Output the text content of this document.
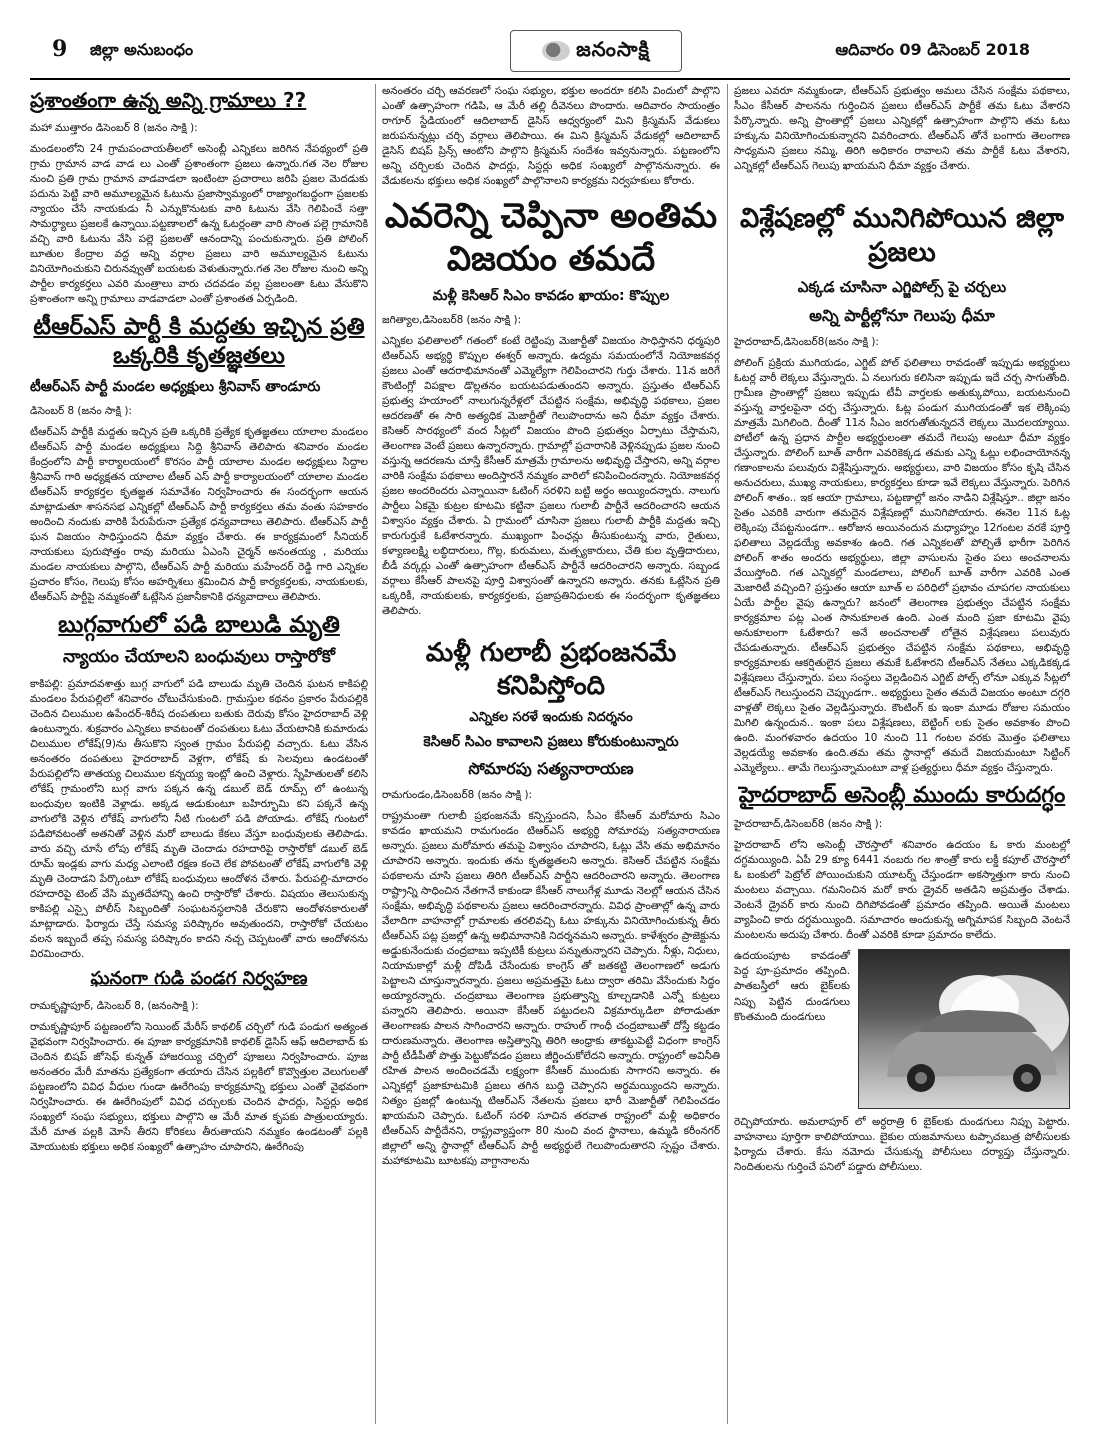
9 జిల్లా అనుబంధం	జనంసాక్షి	ఆదివారం 09 డిసెంబర్ 2018
ప్రశాంతంగా ఉన్న అన్ని గ్రామాలు ??

మహా ముత్తారం డిసెంబర్ 8 (జనం సాక్షి ):

మండలంలోని 24 గ్రామపంచాయతీలలో అసెంబ్లీ ఎన్నికలు జరిగిన నేపథ్యంలో ప్రతి గ్రామ గ్రామాన వాడ వాడ లు ఎంతో ప్రశాంతంగా ప్రజలు ఉన్నారు.గత నెల రోజుల నుంచి ప్రతి గ్రామ గ్రామాన వాడవాడలా ఇంటింటా ప్రచారాలు జరిపి ప్రజల మెదడుకు పదును పెట్టి వారి అమూల్యమైన ఓటును ప్రజాస్వామ్యంలో రాజ్యాంగబద్ధంగా ప్రజలకు న్యాయం చేసే నాయకుడు నీ ఎన్నుకొనుటకు వారి ఓటును వేసి గెలిపించే సత్తా సామర్థ్యాలు ప్రజలకే ఉన్నాయి.పట్టణాలలో ఉన్న ఓటర్లంతా వారి సొంత పల్లె గ్రామానికి వచ్చి వారి ఓటును వేసి పల్లె ప్రజలతో ఆనందాన్ని పంచుకున్నారు. ప్రతి పోలింగ్ బూతుల కేంద్రాల వద్ద అన్ని వర్గాల ప్రజలు వారి అమూల్యమైన ఓటును వినియోగించుకుని చిరునవ్వుతో బయటకు వెళుతున్నారు.గత నెల రోజుల నుంచి అన్ని పార్టీల కార్యకర్తలు ఎవరి మంత్రాలు వారు చదవడం వల్ల ప్రజలంతా ఓటు వేసుకొని ప్రశాంతంగా అన్ని గ్రామాలు వాడవాడలా ఎంతో ప్రశాంతత ఏర్పడింది.

టీఆర్ఎస్ పార్టీ కి మద్దతు ఇచ్చిన ప్రతి ఒక్కరికి కృతజ్ఞతలు

టీఆర్ఎస్ పార్టీ మండల అధ్యక్షులు శ్రీనివాస్ తాండూరు

డిసెంబర్ 8 (జనం సాక్షి ):

టీఆర్ఎస్ పార్టీకి మద్దతు ఇచ్చిన ప్రతి ఒక్కరికి ప్రత్యేక కృతజ్ఞతలు యాలాల మండలం టీఆర్ఎస్ పార్టీ మండల అధ్యక్షులు సిద్ది శ్రీనివాస్ తెలిపారు శనివారం మండల కేంద్రంలోని పార్టీ కార్యాలయంలో కొరసం పార్టీ యాలాల మండల అధ్యక్షులు సిద్దాల శ్రీనివాస్ గారి అధ్యక్షతన యాలాల టీఆర్ ఎస్ పార్టీ కార్యాలయంలో యాలాల మండల టీఆర్ఎస్ కార్యకర్తల కృతజ్ఞత సమావేశం నిర్వహించారు ఈ సందర్భంగా ఆయన మాట్లాడుతూ శాసనసభ ఎన్నికల్లో టీఆర్ఎస్ పార్టీ కార్యకర్తలు తమ వంతు సహకారం అందించి నందుకు వారికి పేరుపేరునా ప్రత్యేక ధన్యవాదాలు తెలిపారు. టీఆర్ఎస్ పార్టీ ఘన విజయం సాధిస్తుందని ధీమా వ్యక్తం చేశారు. ఈ కార్యక్రమంలో సీనియర్ నాయకులు పురుషోత్తం రావు మరియు ఏఎంసి చైర్మన్ అనంతయ్య , మరియు మండల నాయకులు పాల్గొని, టీఆర్ఎస్ పార్టీ మరియు మహేందర్ రెడ్డి గారి ఎన్నికల ప్రచారం కోసం, గెలుపు కోసం అహర్నిశలు శ్రమించిన పార్టీ కార్యకర్తలకు, నాయకులకు, టీఆర్ఎస్ పార్టీపై నమ్మకంతో ఓట్లేసిన ప్రజానీకానికి ధన్యవాదాలు తెలిపారు.

బుగ్గవాగులో పడి బాలుడి మృతి

న్యాయం చేయాలని బంధువులు రాస్తారోకో

కాకిపల్లి: ప్రమాదవశాత్తు బుగ్గ వాగులో పడి బాలుడు మృతి చెందిన ఘటన కాకిపల్లి మండలం పేరుపల్లిలో శనివారం చోటుచేసుకుంది. గ్రామస్తుల కథనం ప్రకారం పేరుపల్లికి చెందిన చిలుముల ఉపేందర్-శిరీష దంపతులు బతుకు దెరువు కోసం హైదరాబాద్ వెళ్లి ఉంటున్నారు. శుక్రవారం ఎన్నికలు కావటంతో దంపతులు ఓటు వేయటానికి కుమారుడు చిలుముల లోకేష్(9)ను తీసుకొని స్వంత గ్రామం పేరుపల్లి వచ్చారు. ఓటు వేసిన అనంతరం దంపతులు హైదరాబాద్ వెళ్లగా, లోకేష్ కు సెలవులు ఉండటంతో పేరుపల్లిలోని తాతయ్య చిలుముల కన్నయ్య ఇంట్లో ఉంచి వెళ్లారు. స్నేహితులతో కలిసి లోకేష్ గ్రామంలోని బుగ్గ వాగు పక్కన ఉన్న డబుల్ బెడ్ రూమ్స్ లో ఉంటున్న బంధువుల ఇంటికి వెళ్లాడు. అక్కడ ఆడుకుంటూ బహిర్భూమి కని పక్కనే ఉన్న వాగులోకి వెళ్లిన లోకేష్ వాగులోని నీటి గుంటలో పడి పోయాడు. లోకేష్ గుంటలో పడిపోవటంతో అతనితో వెళ్లిన మరో బాలుడు కేకలు వేస్తూ బంధువులకు తెలిపాడు. వారు వచ్చి చూసే లోపు లోకేష్ మృతి చెందాడు రహదారిపై రాస్తారోకో డబుల్ బెడ్ రూమ్ ఇండ్లకు వాగు మధ్య ఎలాంటి రక్షణ కంచె లేక పోవటంతో లోకేష్ వాగులోకి వెళ్లి మృతి చెందాడని పేర్కొంటూ లోకేష్ బంధువులు ఆందోళన చేశారు. పేరుపల్లి-మాదారం రహదారిపై టెంట్ వేసి మృతదేహాన్ని ఉంచి రాస్తారోకో చేశారు. విషయం తెలుసుకున్న కాకిపల్లి ఎస్సై పోలీస్ సిబ్బందితో సంఘటనస్థలానికి చేరుకొని ఆందోళనకారులతో మాట్లాడారు. ఫిర్యాదు చేస్తే సమస్య పరిష్కారం అవుతుందని, రాస్తారోకో చేయటం వలన ఇబ్బందే తప్ప సమస్య పరిష్కారం కాదని నచ్చ చెప్పటంతో వారు ఆందోళనను విరమించారు.

ఘనంగా గుడి పండగ నిర్వహణ

రామకృష్ణాపూర్, డిసెంబర్ 8, (జనంసాక్షి ):

రామకృష్ణాపూర్ పట్టణంలోని సెయింట్ మేరీస్ కాథలిక్ చర్చిలో గుడి పండుగ అత్యంత వైభవంగా నిర్వహించారు. ఈ పూజా కార్యక్రమానికి కాథలిక్ డైసిస్ ఆఫ్ ఆదిలాబాద్ కు చెందిన బిషప్ జోసెఫ్ కున్నత్ హాజరయ్యి చర్చిలో పూజలు నిర్వహించారు. పూజ అనంతరం మేరీ మాతను ప్రత్యేకంగా తయారు చేసిన పల్లకిలో కొవ్వొత్తుల వెలుగులతో పట్టణంలోని వివిధ వీధుల గుండా ఊరేగింపు కార్యక్రమాన్ని భక్తులు ఎంతో వైభవంగా నిర్వహించారు. ఈ ఊరేగింపులో వివిధ చర్చులకు చెందిన ఫాదర్లు, సిస్టర్లు అధిక సంఖ్యలో సంఘ సభ్యులు, భక్తులు పాల్గొని ఆ మేరీ మాత కృపకు పాత్రులయ్యారు. మేరీ మాత పల్లకి మోసే తీరని కోరికలు తీరుతాయని నమ్మకం ఉండటంతో పల్లకి మోయుటకు భక్తులు అధిక సంఖ్యలో ఉత్సాహం చూపారని, ఊరేగింపు

అనంతరం చర్చి ఆవరణలో సంఘ సభ్యుల, భక్తుల అందరూ కలిసి విందులో పాల్గొని ఎంతో ఉత్సాహంగా గడిపి, ఆ మేరీ తల్లి దీవెనలు పొందారు. ఆదివారం సాయంత్రం రాగూర్ స్టేడియంలో ఆదిలాబాద్ డైసిస్ ఆధ్వర్యంలో మిని క్రిస్మమస్ వేడుకలు జరుపనున్నట్లు చర్చి వర్గాలు తెలిపాయి. ఈ మిని క్రిస్మమస్ వేడుకల్లో ఆదిలాబాద్ డైసిస్ బిషప్ ప్రిన్స్ ఆంటోని పాల్గొని క్రిస్మమస్ సందేశం ఇవ్వనున్నారు. పట్టణంలోని అన్ని చర్చిలకు చెందిన ఫాదర్లు, సిస్టర్లు అధిక సంఖ్యలో పాల్గొననున్నారు. ఈ వేడుకలను భక్తులు అధిక సంఖ్యలో పాల్గొనాలని కార్యక్రమ నిర్వహకులు కోరారు.

ఎవరెన్ని చెప్పినా అంతిమ విజయం తమదే

మళ్లీ కెసిఆర్ సిఎం కావడం ఖాయం: కొప్పుల

జగిత్యాల,డిసెంబర్8 (జనం సాక్షి ):

ఎన్నికల ఫలితాలలో గతంలో కంటే రెట్టింపు మెజార్టీతో విజయం సాధిస్తానని ధర్మపురి టిఆర్ఎస్ అభ్యర్థి కొప్పుల ఈశ్వర్ అన్నారు. ఉద్యమ సమయంలోనే నియోజకవర్గ ప్రజలు ఎంతో ఆదరాభిమానంతో ఎమ్మెల్యేగా గెలిపించారని గుర్తు చేశారు. 11న జరిగే కౌంటింగ్లో విపక్షాల డొల్లతనం బయటపడుతుందని అన్నారు. ప్రస్తుతం టిఆర్ఎస్ ప్రభుత్వ హయాంలో నాలుగున్నరేళ్లలో చేపట్టిన సంక్షేమ, అభివృద్ధి పథకాలు, ప్రజల ఆదరణతో ఈ సారి అత్యధిక మెజార్టీతో గెలుపొందాను అని ధీమా వ్యక్తం చేశారు. కెసిఆర్ సారథ్యంలో వంద సీట్లలో విజయం పొంది ప్రభుత్వం ఏర్పాటు చేస్తామని, తెలంగాణ వెంటే ప్రజలు ఉన్నారన్నారు. గ్రామాల్లో ప్రచారానికి వెళ్లినప్పుడు ప్రజల నుంచి వస్తున్న ఆదరణను చూస్తే కేసీఆర్ మాత్రమే గ్రామాలను అభివృద్ధి చేస్తారని, అన్ని వర్గాల వారికి సంక్షేమ పథకాలు అందిస్తారనే నమ్మకం వారిలో కనిపించిందన్నారు. నియోజకవర్గ ప్రజల అందరిందరు ఎన్నాయినా ఓటింగ్ సరళిని బట్టి అర్థం అయ్యిందన్నారు. నాలుగు పార్టీలు ఏకమై కుట్రల కూటమి కట్టినా ప్రజలు గులాబీ పార్టీనే ఆదరించారని ఆయన విశ్వాసం వ్యక్తం చేశారు. ఏ గ్రామంలో చూసినా ప్రజలు గులాబీ పార్టీకి మద్దతు ఇచ్చి కారుగుర్తుకే ఓటేశారన్నారు. ముఖ్యంగా పింఛన్లు తీసుకుంటున్న వారు, రైతులు, కళ్యాణలక్ష్మి లబ్ధిదారులు, గొల్ల, కురుమలు, మత్స్యకారులు, చేతి కుల వృత్తిదారులు, బీడీ వర్కర్లు ఎంతో ఉత్సాహంగా టీఆర్ఎస్ పార్టీనే ఆదరించారని అన్నారు. సబ్బండ వర్గాలు కేసీఆర్ పాలనపై పూర్తి విశ్వాసంతో ఉన్నారని అన్నారు. తనకు ఓట్లేసిన ప్రతి ఒక్కరికీ, నాయకులకు, కార్యకర్తలకు, ప్రజాప్రతినిధులకు ఈ సందర్భంగా కృతజ్ఞతలు తెలిపారు.

మళ్లీ గులాబీ ప్రభంజనమే కనిపిస్తోంది

ఎన్నికల సరళే ఇందుకు నిదర్శనం

కెసిఆర్ సిఎం కావాలని ప్రజలు కోరుకుంటున్నారు

సోమారపు సత్యనారాయణ

రామగుండం,డిసెంబర్8 (జనం సాక్షి ):

రాష్ట్రమంతా గులాబీ ప్రభంజనమే కన్పిస్తుందని, సీఎం కేసీఆర్ మరోమారు సిఎం కావడం ఖాయమని రామగుండం టిఆర్ఎస్ అభ్యర్థి సోమారపు సత్యనారాయణ అన్నారు. ప్రజలు మరోమారు తమపై విశ్వాసం చూపారని, ఓట్లు వేసి తమ అభిమానం చూపారని అన్నారు. ఇందుకు తను కృతజ్ఞతలని అన్నారు. కెసిఆర్ చేపట్టిన సంక్షేమ పథకాలను చూసి ప్రజలు తిరిగి టీఆర్ఎస్ పార్టీని ఆదరించారని అన్నారు. తెలంగాణ రాష్ట్రాన్ని సాధించిన నేతగానే కాకుండా కేసీఆర్ నాలుగేళ్ల మూడు నెలల్లో ఆయన చేసిన సంక్షేమ, అభివృద్ధి పథకాలను ప్రజలు ఆదరించారన్నారు. వివిధ ప్రాంతాల్లో ఉన్న వారు వేలాదిగా వాహనాల్లో గ్రామాలకు తరలివచ్చి ఓటు హక్కును వినియోగించుకున్న తీరు టీఆర్ఎస్ పట్ల ప్రజల్లో ఉన్న అభిమానానికి నిదర్శనమని అన్నారు. కాళేశ్వరం ప్రాజెక్టును అడ్డుకునేందుకు చంద్రబాబు ఇప్పటికీ కుట్రలు పన్నుతున్నారని చెప్పారు. నీళ్లు, నిధులు, నియామకాల్లో మళ్లీ దోపిడీ చేసేందుకు కాంగ్రెస్ తో జతకట్టి తెలంగాణలో అడుగు పెట్టాలని చూస్తున్నారన్నారు. ప్రజలు అప్రమత్తమై ఓటు ద్వారా తరిమి వేసేందుకు సిద్ధం అయ్యారన్నారు. చంద్రబాబు తెలంగాణ ప్రభుత్వాన్ని కూల్చడానికి ఎన్నో కుట్రలు పన్నారని తెలిపారు. అయినా కేసీఆర్ పట్టుదలని విక్రమార్కుడిలా పోరాడుతూ తెలంగాణకు పాలన సాగించారని అన్నారు. రాహుల్ గాంధీ చంద్రబాబుతో దోస్తీ కట్టడం దారుణమన్నారు. తెలంగాణ అస్తిత్వాన్ని తిరిగి ఆంధ్రాకు తాకట్టుపెట్టే విధంగా కాంగ్రెస్ పార్టీ టీడీపీతో పొత్తు పెట్టుకోవడం ప్రజలు జీర్ణించుకోలేదని అన్నారు. రాష్ట్రంలో అవినీతి రహిత పాలన అందించడమే లక్ష్యంగా కేసీఆర్ ముందుకు సాగారని అన్నారు. ఈ ఎన్నికల్లో ప్రజాకూటమికి ప్రజలు తగిన బుద్ధి చెప్పారని అర్థమయ్యిందని అన్నారు. నిత్యం ప్రజల్లో ఉంటున్న టిఆర్ఎస్ నేతలను ప్రజలు భారీ మెజార్టీతో గెలిపించడం ఖాయమని చెప్పారు. ఓటింగ్ సరళి సూచిన తరవాత రాష్ట్రంలో మళ్లీ అధికారం టీఆర్ఎస్ పార్టీదేనని, రాష్ట్రవ్యాప్తంగా 80 నుంచి వంద స్థానాలు, ఉమ్మడి కరీంనగర్ జిల్లాలో అన్ని స్థానాల్లో టీఆర్ఎస్ పార్టీ అభ్యర్థులే గెలుపొందుతారని స్పష్టం చేశారు. మహాకూటమి బూటకపు వాగ్దానాలను

ప్రజలు ఎవరూ నమ్మకుండా, టీఆర్ఎస్ ప్రభుత్వం అమలు చేసిన సంక్షేమ పథకాలు, సీఎం కేసీఆర్ పాలనను గుర్తించిన ప్రజలు టీఆర్ఎస్ పార్టీకే తమ ఓటు వేశారని పేర్కొన్నారు. అన్ని ప్రాంతాల్లో ప్రజలు ఎన్నికల్లో ఉత్సాహంగా పాల్గొని తమ ఓటు హక్కును వినియోగించుకున్నారని వివరించారు. టీఆర్ఎస్ తోనే బంగారు తెలంగాణ సాధ్యమని ప్రజలు నమ్మి, తిరిగి అధికారం రావాలని తమ పార్టీకే ఓటు వేశారని, ఎన్నికల్లో టీఆర్ఎస్ గెలుపు ఖాయమని ధీమా వ్యక్తం చేశారు.

విశ్లేషణల్లో మునిగిపోయిన జిల్లా ప్రజలు

ఎక్కడ చూసినా ఎగ్జిపోల్స్ పై చర్చలు

అన్ని పార్టీల్లోనూ గెలుపు ధీమా

హైదరాబాద్,డిసెంబర్8(జనం సాక్షి ):

పోలింగ్ ప్రక్రియ ముగియడం, ఎగ్జిట్ పోల్ ఫలితాలు రావడంతో ఇప్పుడు అభ్యర్థులు ఓటర్ల వారీ లెక్కలు వేస్తున్నారు. ఏ నలుగురు కలిసినా ఇప్పుడు ఇదే చర్చ సాగుతోంది. గ్రామీణ ప్రాంతాల్లో ప్రజలు ఇప్పుడు టీవీ వార్తలకు అతుక్కుపోయి, బయటనుంచి వస్తున్న వార్తలపైనా చర్చ చేస్తున్నారు. ఓట్ల పండుగ ముగియడంతో ఇక లెక్కింపు మాత్రమే మిగిలింది. దీంతో 11న సీఎం జరగుతోతున్నదనే లెక్కలు మొదలయ్యాయి. పోటీలో ఉన్న ప్రధాన పార్టీల అభ్యర్థులంతా తమదే గెలుపు అంటూ ధీమా వ్యక్తం చేస్తున్నారు. పోలింగ్ బూత్ వారీగా ఎవరికెక్కడ తమకు ఎన్ని ఓట్లు లభించాయోనన్న గణాంకాలను పలువురు విశ్లేషిస్తున్నారు. అభ్యర్థులు, వారి విజయం కోసం కృషి చేసిన అనుచరులు, ముఖ్య నాయకులు, కార్యకర్తలు కూడా ఇవే లెక్కలు వేస్తున్నారు. పెరిగిన పోలింగ్ శాతం.. ఇక ఆయా గ్రామాలు, పట్టణాల్లో జనం నాడిని విశ్లేషిస్తూ.. జిల్లా జనం సైతం ఎవరికి వారుగా తమదైన విశ్లేషణల్లో మునిగిపోయారు. ఈనెల 11న ఓట్ల లెక్కింపు చేపట్టనుండగా.. ఆరోజున అయినందున మధ్యాహ్నం 12గంటల వరకే పూర్తి ఫలితాలు వెల్లడయ్యే అవకాశం ఉంది. గత ఎన్నికలతో పోల్చితే భారీగా పెరిగిన పోలింగ్ శాతం అందరు అభ్యర్థులు, జిల్లా వాసులను సైతం పలు అంచనాలను వేయిస్తోంది. గత ఎన్నికల్లో మండలాలు, పోలింగ్ బూత్ వారీగా ఎవరికి ఎంత మెజారిటీ వచ్చింది? ప్రస్తుతం ఆయా బూత్ ల పరిధిలో ప్రభావం చూపగల నాయకులు ఏయే పార్టీల వైపు ఉన్నారు? జనంలో తెలంగాణ ప్రభుత్వం చేపట్టిన సంక్షేమ కార్యక్రమాల పట్ల ఎంత సానుకూలత ఉంది. ఎంత మంది ప్రజా కూటమి వైపు అనుకూలంగా ఓటేశారు? అనే అంచనాలతో లోతైన విశ్లేషణలు పలువురు చేపడుతున్నారు. టీఆర్ఎస్ ప్రభుత్వం చేపట్టిన సంక్షేమ పథకాలు, అభివృద్ధి కార్యక్రమాలకు ఆకర్షితులైన ప్రజలు తమకే ఓటేశారని టీఆర్ఎస్ నేతలు ఎక్కడికక్కడ విశ్లేషణలు చేస్తున్నారు. పలు సంస్థలు వెల్లడించిన ఎగ్జిట్ పోల్స్ లోనూ ఎక్కువ సీట్లలో టీఆర్ఎస్ గెలుస్తుందని చెప్పుండగా.. అభ్యర్థులు సైతం తమదే విజయం అంటూ దగ్గరి వాళ్లతో లెక్కలు సైతం వెల్లడిస్తున్నారు. కౌంటింగ్ కు ఇంకా మూడు రోజుల సమయం మిగిలి ఉన్నందున.. ఇంకా పలు విశ్లేషణలు, బెట్టింగ్ లకు సైతం అవకాశం పొంచి ఉంది. మంగళవారం ఉదయం 10 నుంచి 11 గంటల వరకు మొత్తం ఫలితాలు వెల్లడయ్యే అవకాశం ఉంది.తమ తమ స్థానాల్లో తమదే విజయమంటూ సిట్టింగ్ ఎమ్మెల్యేలు.. తామే గెలుస్తున్నామంటూ వాళ్ల ప్రత్యర్థులు ధీమా వ్యక్తం చేస్తున్నారు.

హైదరాబాద్ అసెంబ్లీ ముందు కారుదగ్ధం

హైదరాబాద్,డిసెంబర్8 (జనం సాక్షి ):

హైదరాబాద్ లోని అసెంబ్లీ చౌరస్తాలో శనివారం ఉదయం ఓ కారు మంటల్లో దగ్ధమయ్యింది. ఏపీ 29 క్యూ 6441 నంబరు గల శాంత్రో కారు లక్డీ కపూల్ చౌరస్తాలో ఓ బంకులో పెట్రోల్ పోయించుకుని యూటర్న్ చేస్తుండగా అకస్మాత్తుగా కారు నుంచి మంటలు వచ్చాయి. గమనించిన మరో కారు డ్రైవర్ అతడిని అప్రమత్తం చేశాడు. వెంటనే డ్రైవర్ కారు నుంచి దిగిపోవడంతో ప్రమాదం తప్పింది. అయితే మంటలు వ్యాపించి కారు దగ్ధమయ్యింది. సమాచారం అందుకున్న అగ్నిమాపక సిబ్బంది వెంటనే మంటలను అదుపు చేశారు. దీంతో ఎవరికి కూడా ప్రమాదం కాలేదు.

ఉదయంపూట కావడంతో పెద్ద పూ-ప్రమాదం తప్పింది. పాతబస్తీలో ఆరు బైక్‌లకు నిప్పు పెట్టిన దుండగులు కొంతమంది దుండగులు

రెచ్చిపోయారు. అమలాపూర్ లో అర్ధరాత్రి 6 బైక్‌లకు దుండగులు నిప్పు పెట్టారు. వాహనాలు పూర్తిగా కాలిపోయాయి. బైకుల యజమానులు టప్పాచబుత్ర పోలీసులకు ఫిర్యాదు చేశారు. కేసు నమోదు చేసుకున్న పోలీసులు దర్యాప్తు చేస్తున్నారు. నిందితులను గుర్తించే పనిలో పడ్డారు పోలీసులు.
